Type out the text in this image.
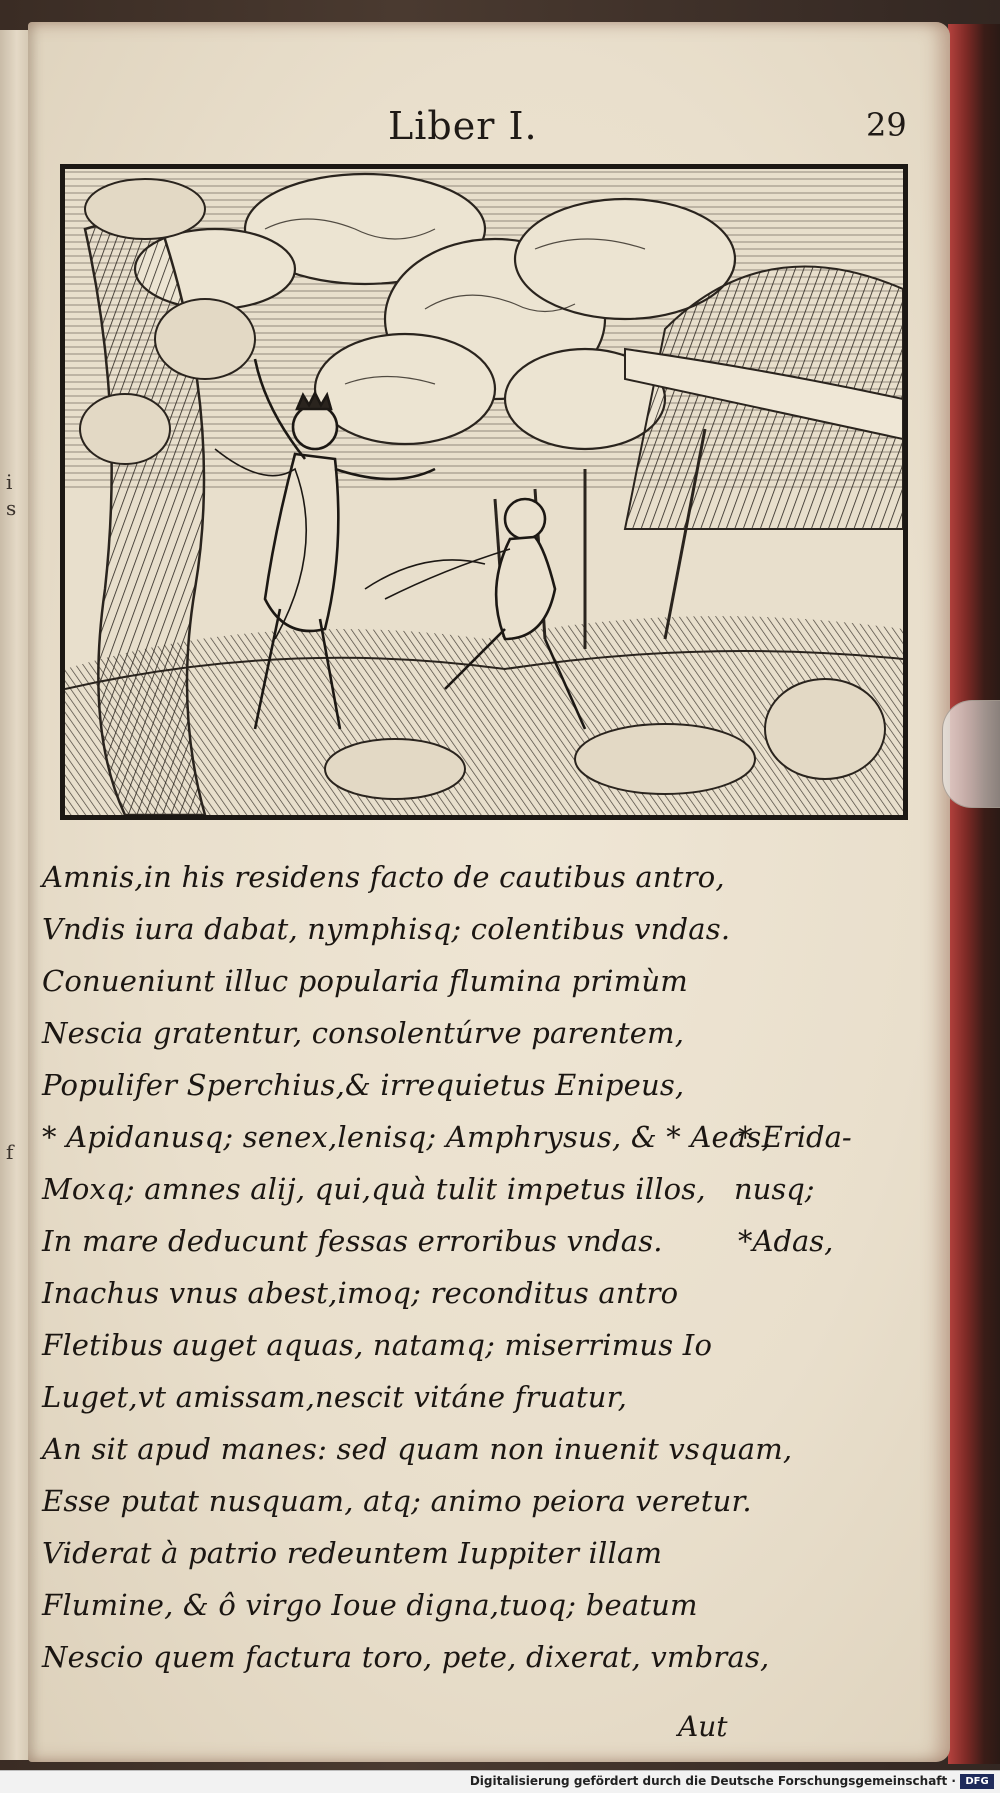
i
s
f
Liber I.	29
Amnis,in his residens facto de cautibus antro,
Vndis iura dabat, nymphisq; colentibus vndas.
Conueniunt illuc popularia flumina primùm
Nescia gratentur, consolentúrve parentem,
Populifer Sperchius,& irrequietus Enipeus,
* Apidanusq; senex,lenisq; Amphrysus, & * Aeas,
Moxq; amnes alij, qui,quà tulit impetus illos,
In mare deducunt fessas erroribus vndas.
Inachus vnus abest,imoq; reconditus antro
Fletibus auget aquas, natamq; miserrimus Io
Luget,vt amissam,nescit vitáne fruatur,
An sit apud manes: sed quam non inuenit vsquam,
Esse putat nusquam, atq; animo peiora veretur.
Viderat à patrio redeuntem Iuppiter illam
Flumine, & ô virgo Ioue digna,tuoq; beatum
Nescio quem factura toro, pete, dixerat, vmbras,
* Erida-
nusq;
*Adas,
Aut
Digitalisierung gefördert durch die Deutsche Forschungsgemeinschaft · DFG
